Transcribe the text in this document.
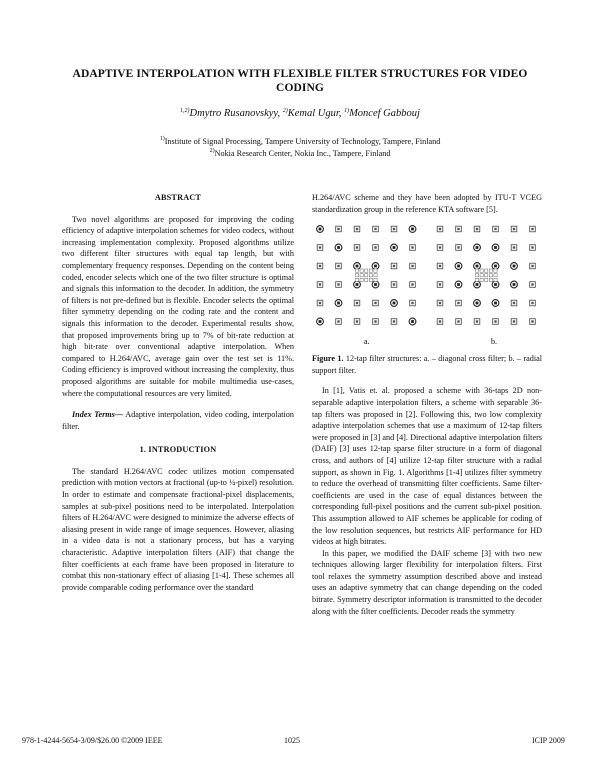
ADAPTIVE INTERPOLATION WITH FLEXIBLE FILTER STRUCTURES FOR VIDEO
CODING
$^{1,2)}$Dmytro Rusanovskyy, $^{2)}$Kemal Ugur, $^{1)}$Moncef Gabbouj
$^{1)}$Institute of Signal Processing, Tampere University of Technology, Tampere, Finland
$^{2)}$Nokia Research Center, Nokia Inc., Tampere, Finland
ABSTRACT

Two novel algorithms are proposed for improving the coding efficiency of adaptive interpolation schemes for video codecs, without increasing implementation complexity. Proposed algorithms utilize two different filter structures with equal tap length, but with complementary frequency responses. Depending on the content being coded, encoder selects which one of the two filter structure is optimal and signals this information to the decoder. In addition, the symmetry of filters is not pre-defined but is flexible. Encoder selects the optimal filter symmetry depending on the coding rate and the content and signals this information to the decoder. Experimental results show, that proposed improvements bring up to 7% of bit-rate reduction at high bit-rate over conventional adaptive interpolation. When compared to H.264/AVC, average gain over the test set is 11%. Coding efficiency is improved without increasing the complexity, thus proposed algorithms are suitable for mobile multimedia use-cases, where the computational resources are very limited.

Index Terms— Adaptive interpolation, video coding, interpolation filter.

1. INTRODUCTION

The standard H.264/AVC codec utilizes motion compensated prediction with motion vectors at fractional (up-to ¼-pixel) resolution. In order to estimate and compensate fractional-pixel displacements, samples at sub-pixel positions need to be interpolated. Interpolation filters of H.264/AVC were designed to minimize the adverse effects of aliasing present in wide range of image sequences. However, aliasing in a video data is not a stationary process, but has a varying characteristic. Adaptive interpolation filters (AIF) that change the filter coefficients at each frame have been proposed in literature to combat this non-stationary effect of aliasing [1-4]. These schemes all provide comparable coding performance over the standard

H.264/AVC scheme and they have been adopted by ITU-T VCEG standardization group in the reference KTA software [5].

a.	b.

Figure 1. 12-tap filter structures: a. – diagonal cross filter; b. – radial support filter.

In [1], Vatis et. al. proposed a scheme with 36-taps 2D non-separable adaptive interpolation filters, a scheme with separable 36-tap filters was proposed in [2]. Following this, two low complexity adaptive interpolation schemes that use a maximum of 12-tap filters were proposed in [3] and [4]. Directional adaptive interpolation filters (DAIF) [3] uses 12-tap sparse filter structure in a form of diagonal cross, and authors of [4] utilize 12-tap filter structure with a radial support, as shown in Fig. 1. Algorithms [1-4] utilizes filter symmetry to reduce the overhead of transmitting filter coefficients. Same filter-coefficients are used in the case of equal distances between the corresponding full-pixel positions and the current sub-pixel position. This assumption allowed to AIF schemes be applicable for coding of the low resolution sequences, but restricts AIF performance for HD videos at high bitrates.

In this paper, we modified the DAIF scheme [3] with two new techniques allowing larger flexibility for interpolation filters. First tool relaxes the symmetry assumption described above and instead uses an adaptive symmetry that can change depending on the coded bitrate. Symmetry descriptor information is transmitted to the decoder along with the filter coefficients. Decoder reads the symmetry

978-1-4244-5654-3/09/$26.00 ©2009 IEEE	1025	ICIP 2009
